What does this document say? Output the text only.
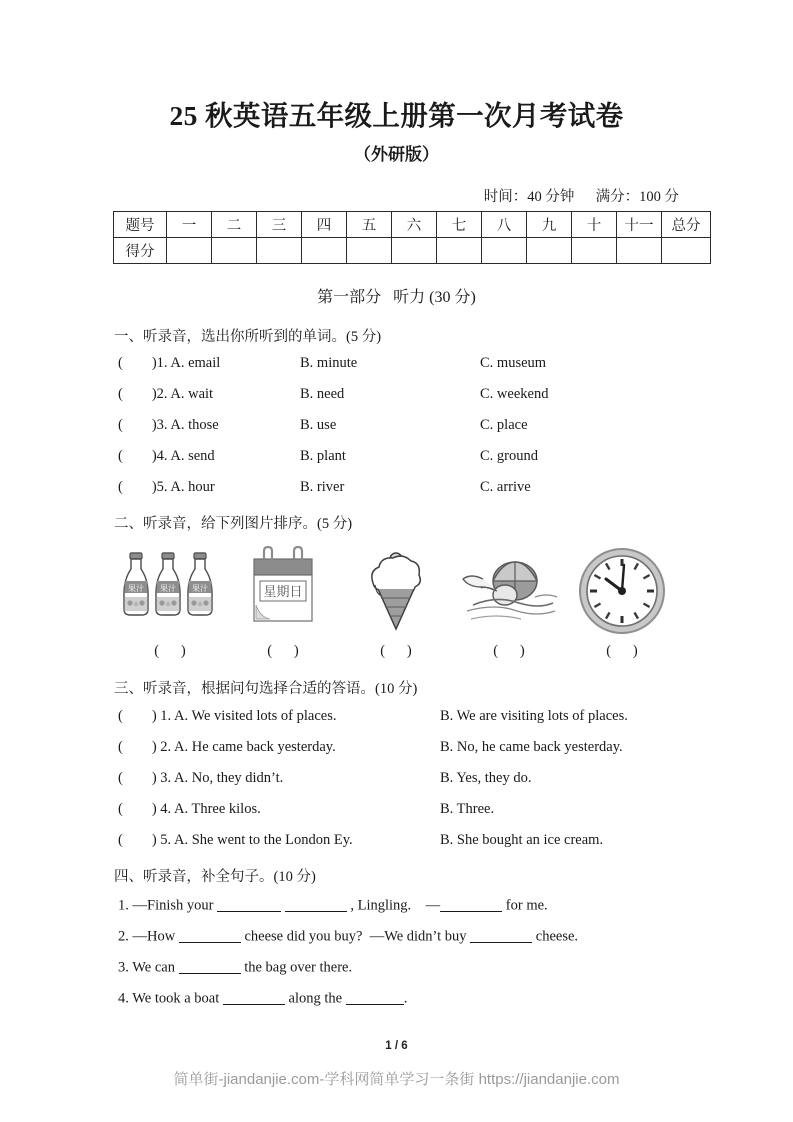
25 秋英语五年级上册第一次月考试卷
（外研版）
时间：40 分钟 满分：100 分
题号	一	二	三	四	五	六	七	八	九	十	十一	总分
得分												
第一部分 听力 (30 分)
一、听录音，选出你所听到的单词。(5 分)
(        )1. A. email	B. minute	C. museum
(        )2. A. wait	B. need	C. weekend
(        )3. A. those	B. use	C. place
(        )4. A. send	B. plant	C. ground
(        )5. A. hour	B. river	C. arrive
二、听录音，给下列图片排序。(5 分)
果汁 果汁 果汁	星期日
(      )	(      )	(      )	(      )	(      )
三、听录音，根据问句选择合适的答语。(10 分)
(        ) 1. A. We visited lots of places.	B. We are visiting lots of places.
(        ) 2. A. He came back yesterday.	B. No, he came back yesterday.
(        ) 3. A. No, they didn’t.	B. Yes, they do.
(        ) 4. A. Three kilos.	B. Three.
(        ) 5. A. She went to the London Ey.	B. She bought an ice cream.
四、听录音，补全句子。(10 分)
1. —Finish your	, Lingling. —	for me.
2. —How	cheese did you buy? —We didn’t buy	cheese.
3. We can	the bag over there.
4. We took a boat	along the	.
1 / 6
简单街-jiandanjie.com-学科网简单学习一条街 https://jiandanjie.com
